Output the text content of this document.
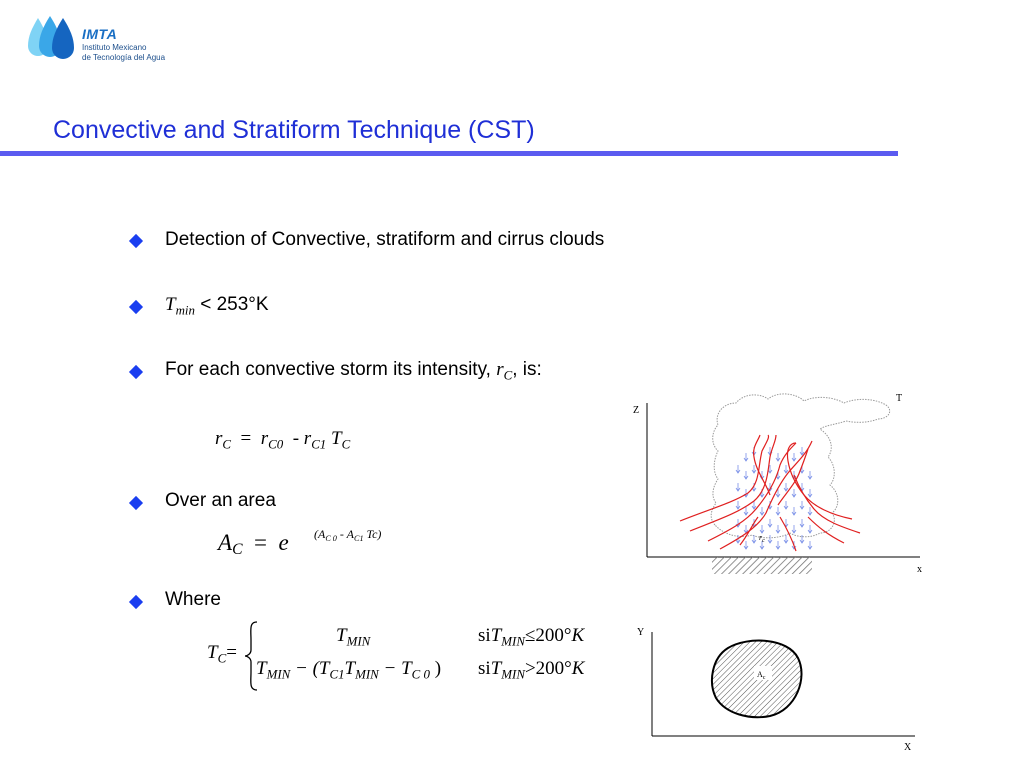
IMTA
Instituto Mexicano
de Tecnología del Agua
Convective and Stratiform Technique (CST)
Detection of Convective, stratiform and cirrus clouds
$T_{min} < 253^\circ K$
For each convective storm its intensity, $r_C$, is:
$r_C = r_{C0} - r_{C1}$ $T_C$
Over an area
$A_C = e$ ($A_{C 0} - A_{C1}$ Tc)
Where
$T_C=$
$T_{MIN}$	siT$_{MIN}$≤200°K
$T_{MIN} - (T_{C1}T_{MIN} - T_{C 0}$ ) siT$_{MIN}$>200°K
Z
T
x
$r_c$
Y
X
$A_c$
